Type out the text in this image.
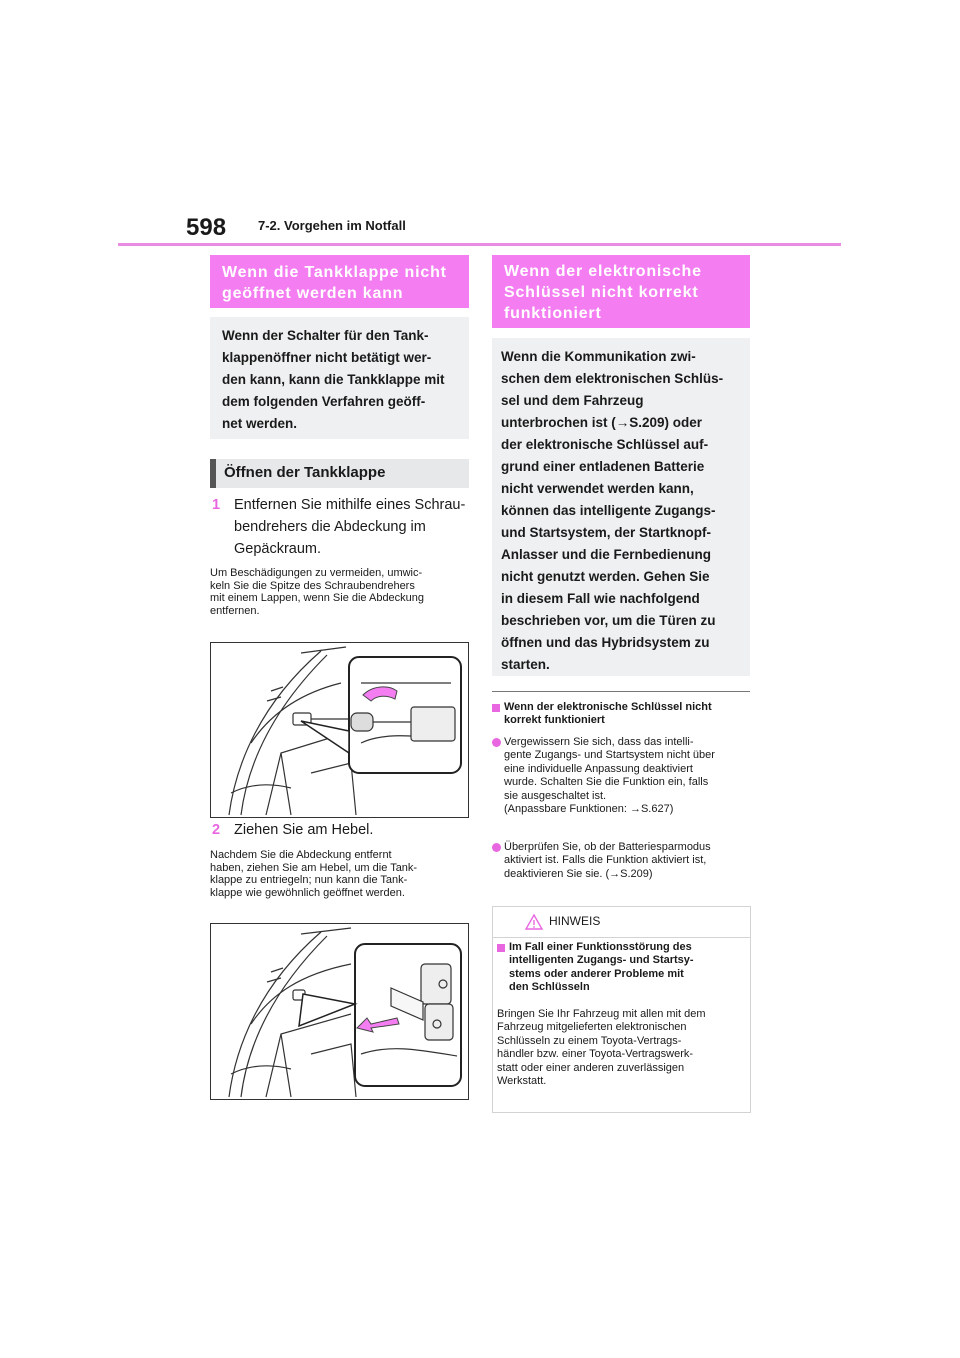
598 7-2. Vorgehen im Notfall
Wenn die Tankklappe nicht
geöffnet werden kann
Wenn der Schalter für den Tank-
klappenöffner nicht betätigt wer-
den kann, kann die Tankklappe mit
dem folgenden Verfahren geöff-
net werden.
Öffnen der Tankklappe
1 Entfernen Sie mithilfe eines Schrau-
bendrehers die Abdeckung im
Gepäckraum.
Um Beschädigungen zu vermeiden, umwic-
keln Sie die Spitze des Schraubendrehers
mit einem Lappen, wenn Sie die Abdeckung
entfernen.
2 Ziehen Sie am Hebel.
Nachdem Sie die Abdeckung entfernt
haben, ziehen Sie am Hebel, um die Tank-
klappe zu entriegeln; nun kann die Tank-
klappe wie gewöhnlich geöffnet werden.
Wenn der elektronische
Schlüssel nicht korrekt
funktioniert
Wenn die Kommunikation zwi-
schen dem elektronischen Schlüs-
sel und dem Fahrzeug
unterbrochen ist (→S.209) oder
der elektronische Schlüssel auf-
grund einer entladenen Batterie
nicht verwendet werden kann,
können das intelligente Zugangs-
und Startsystem, der Startknopf-
Anlasser und die Fernbedienung
nicht genutzt werden. Gehen Sie
in diesem Fall wie nachfolgend
beschrieben vor, um die Türen zu
öffnen und das Hybridsystem zu
starten.
Wenn der elektronische Schlüssel nicht
korrekt funktioniert
Vergewissern Sie sich, dass das intelli-
gente Zugangs- und Startsystem nicht über
eine individuelle Anpassung deaktiviert
wurde. Schalten Sie die Funktion ein, falls
sie ausgeschaltet ist.
(Anpassbare Funktionen: →S.627)
Überprüfen Sie, ob der Batteriesparmodus
aktiviert ist. Falls die Funktion aktiviert ist,
deaktivieren Sie sie. (→S.209)
HINWEIS
Im Fall einer Funktionsstörung des
intelligenten Zugangs- und Startsy-
stems oder anderer Probleme mit
den Schlüsseln
Bringen Sie Ihr Fahrzeug mit allen mit dem
Fahrzeug mitgelieferten elektronischen
Schlüsseln zu einem Toyota-Vertrags-
händler bzw. einer Toyota-Vertragswerk-
statt oder einer anderen zuverlässigen
Werkstatt.
